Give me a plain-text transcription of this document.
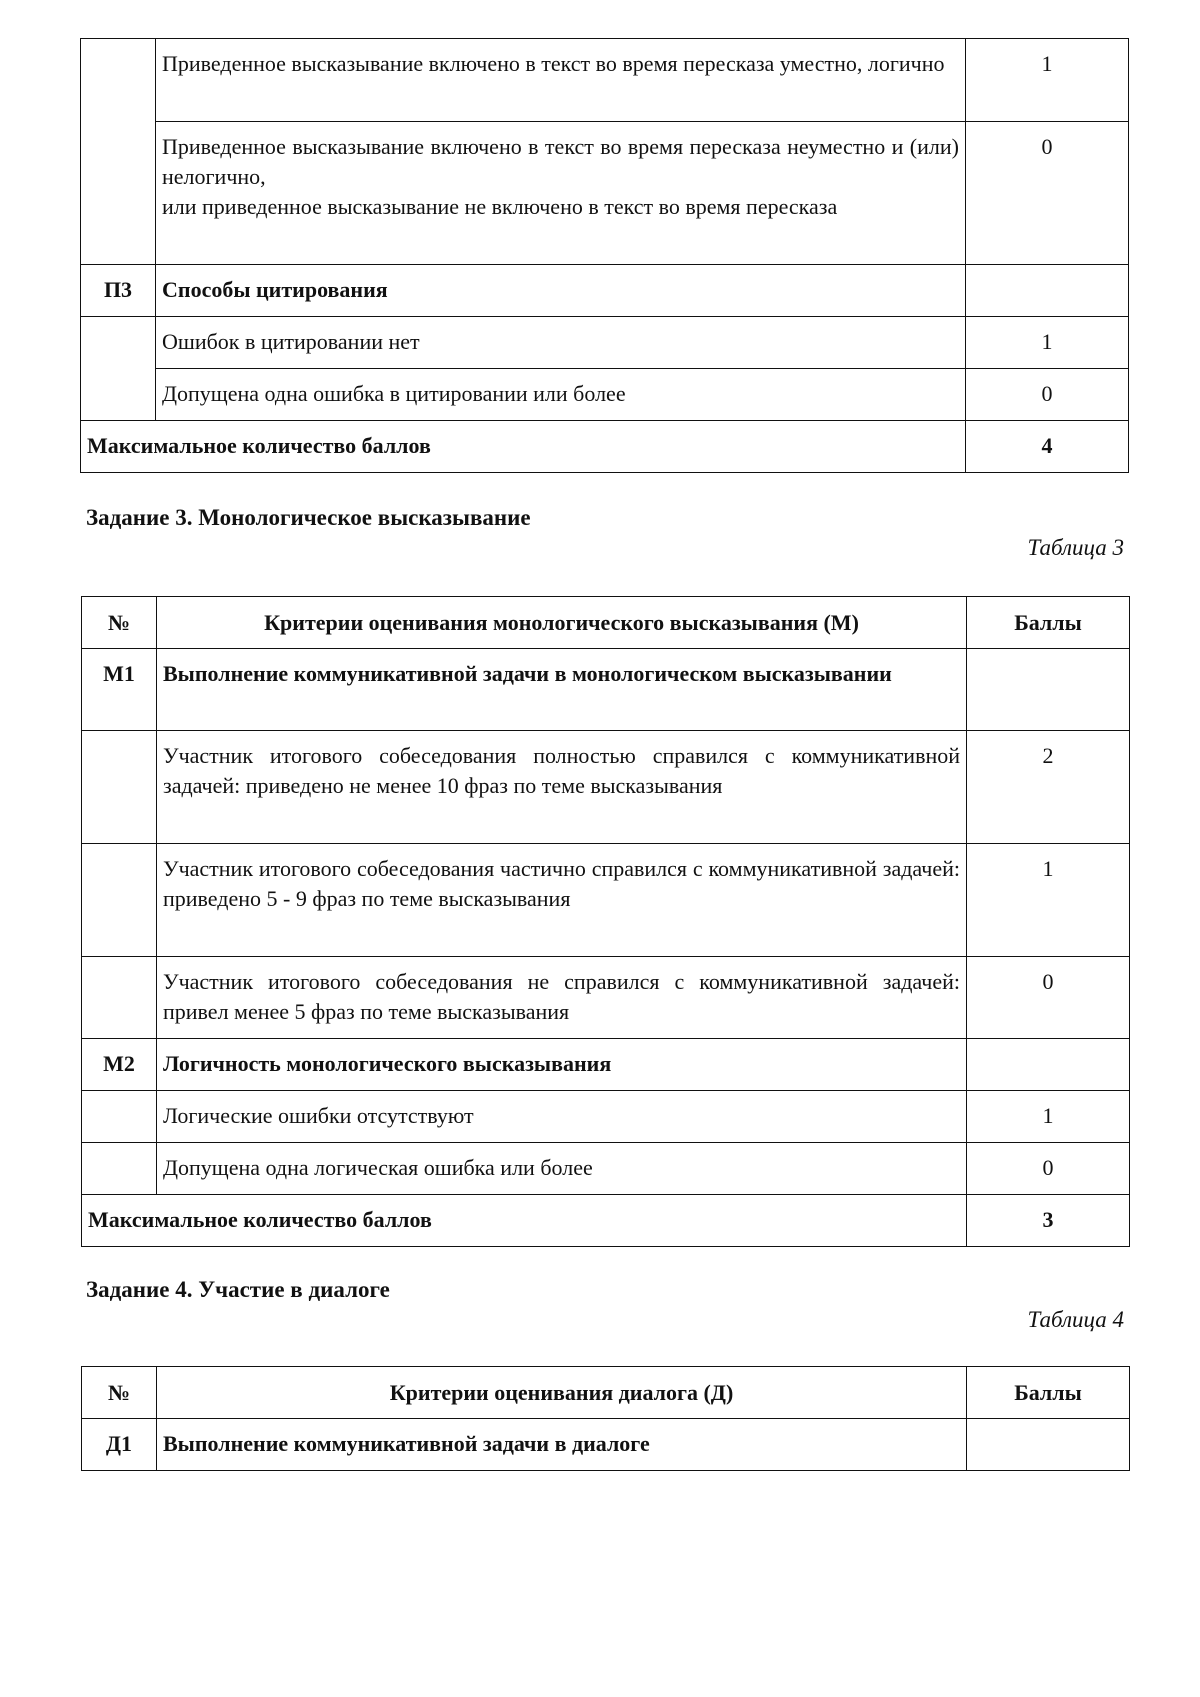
	Приведенное высказывание включено в текст во время пересказа уместно, логично	1
	Приведенное высказывание включено в текст во время пересказа неуместно и (или) нелогично,
или приведенное высказывание не включено в текст во время пересказа	0
П3	Способы цитирования	
	Ошибок в цитировании нет	1
	Допущена одна ошибка в цитировании или более	0
Максимальное количество баллов		4
Задание 3. Монологическое высказывание
Таблица 3
№	Критерии оценивания монологического высказывания (М)	Баллы
М1	Выполнение коммуникативной задачи в монологическом высказывании	
	Участник итогового собеседования полностью справился с коммуникативной задачей: приведено не менее 10 фраз по теме высказывания	2
	Участник итогового собеседования частично справился с коммуникативной задачей: приведено 5 - 9 фраз по теме высказывания	1
	Участник итогового собеседования не справился с коммуникативной задачей: привел менее 5 фраз по теме высказывания	0
М2	Логичность монологического высказывания	
	Логические ошибки отсутствуют	1
	Допущена одна логическая ошибка или более	0
Максимальное количество баллов		3
Задание 4. Участие в диалоге
Таблица 4
№	Критерии оценивания диалога (Д)	Баллы
Д1	Выполнение коммуникативной задачи в диалоге	
